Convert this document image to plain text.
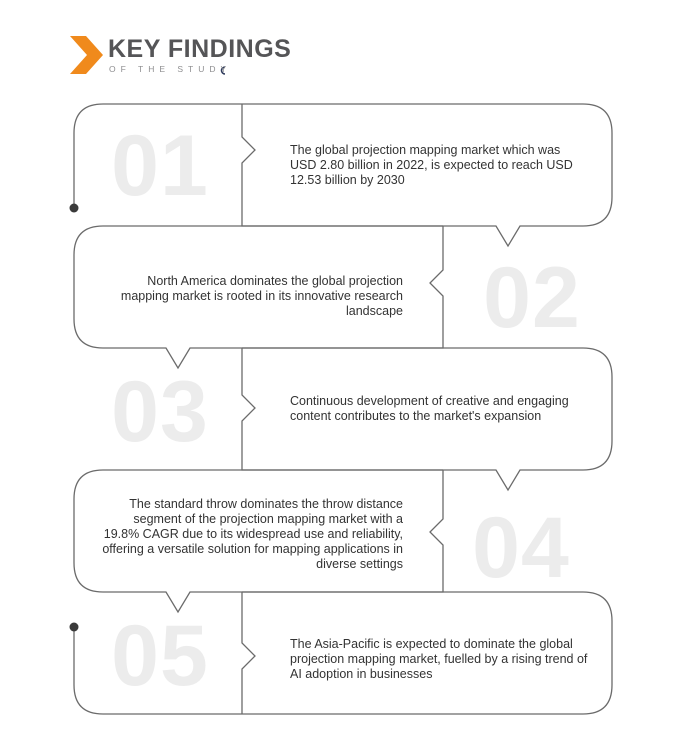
KEY FINDINGS
OF THE STUDY
01
02
03
04
05
The global projection mapping market which was USD 2.80 billion in 2022, is expected to reach USD 12.53 billion by 2030
North America dominates the global projection mapping market is rooted in its innovative research landscape
Continuous development of creative and engaging content contributes to the market's expansion
The standard throw dominates the throw distance segment of the projection mapping market with a 19.8% CAGR due to its widespread use and reliability, offering a versatile solution for mapping applications in diverse settings
The Asia-Pacific is expected to dominate the global projection mapping market, fuelled by a rising trend of AI adoption in businesses
